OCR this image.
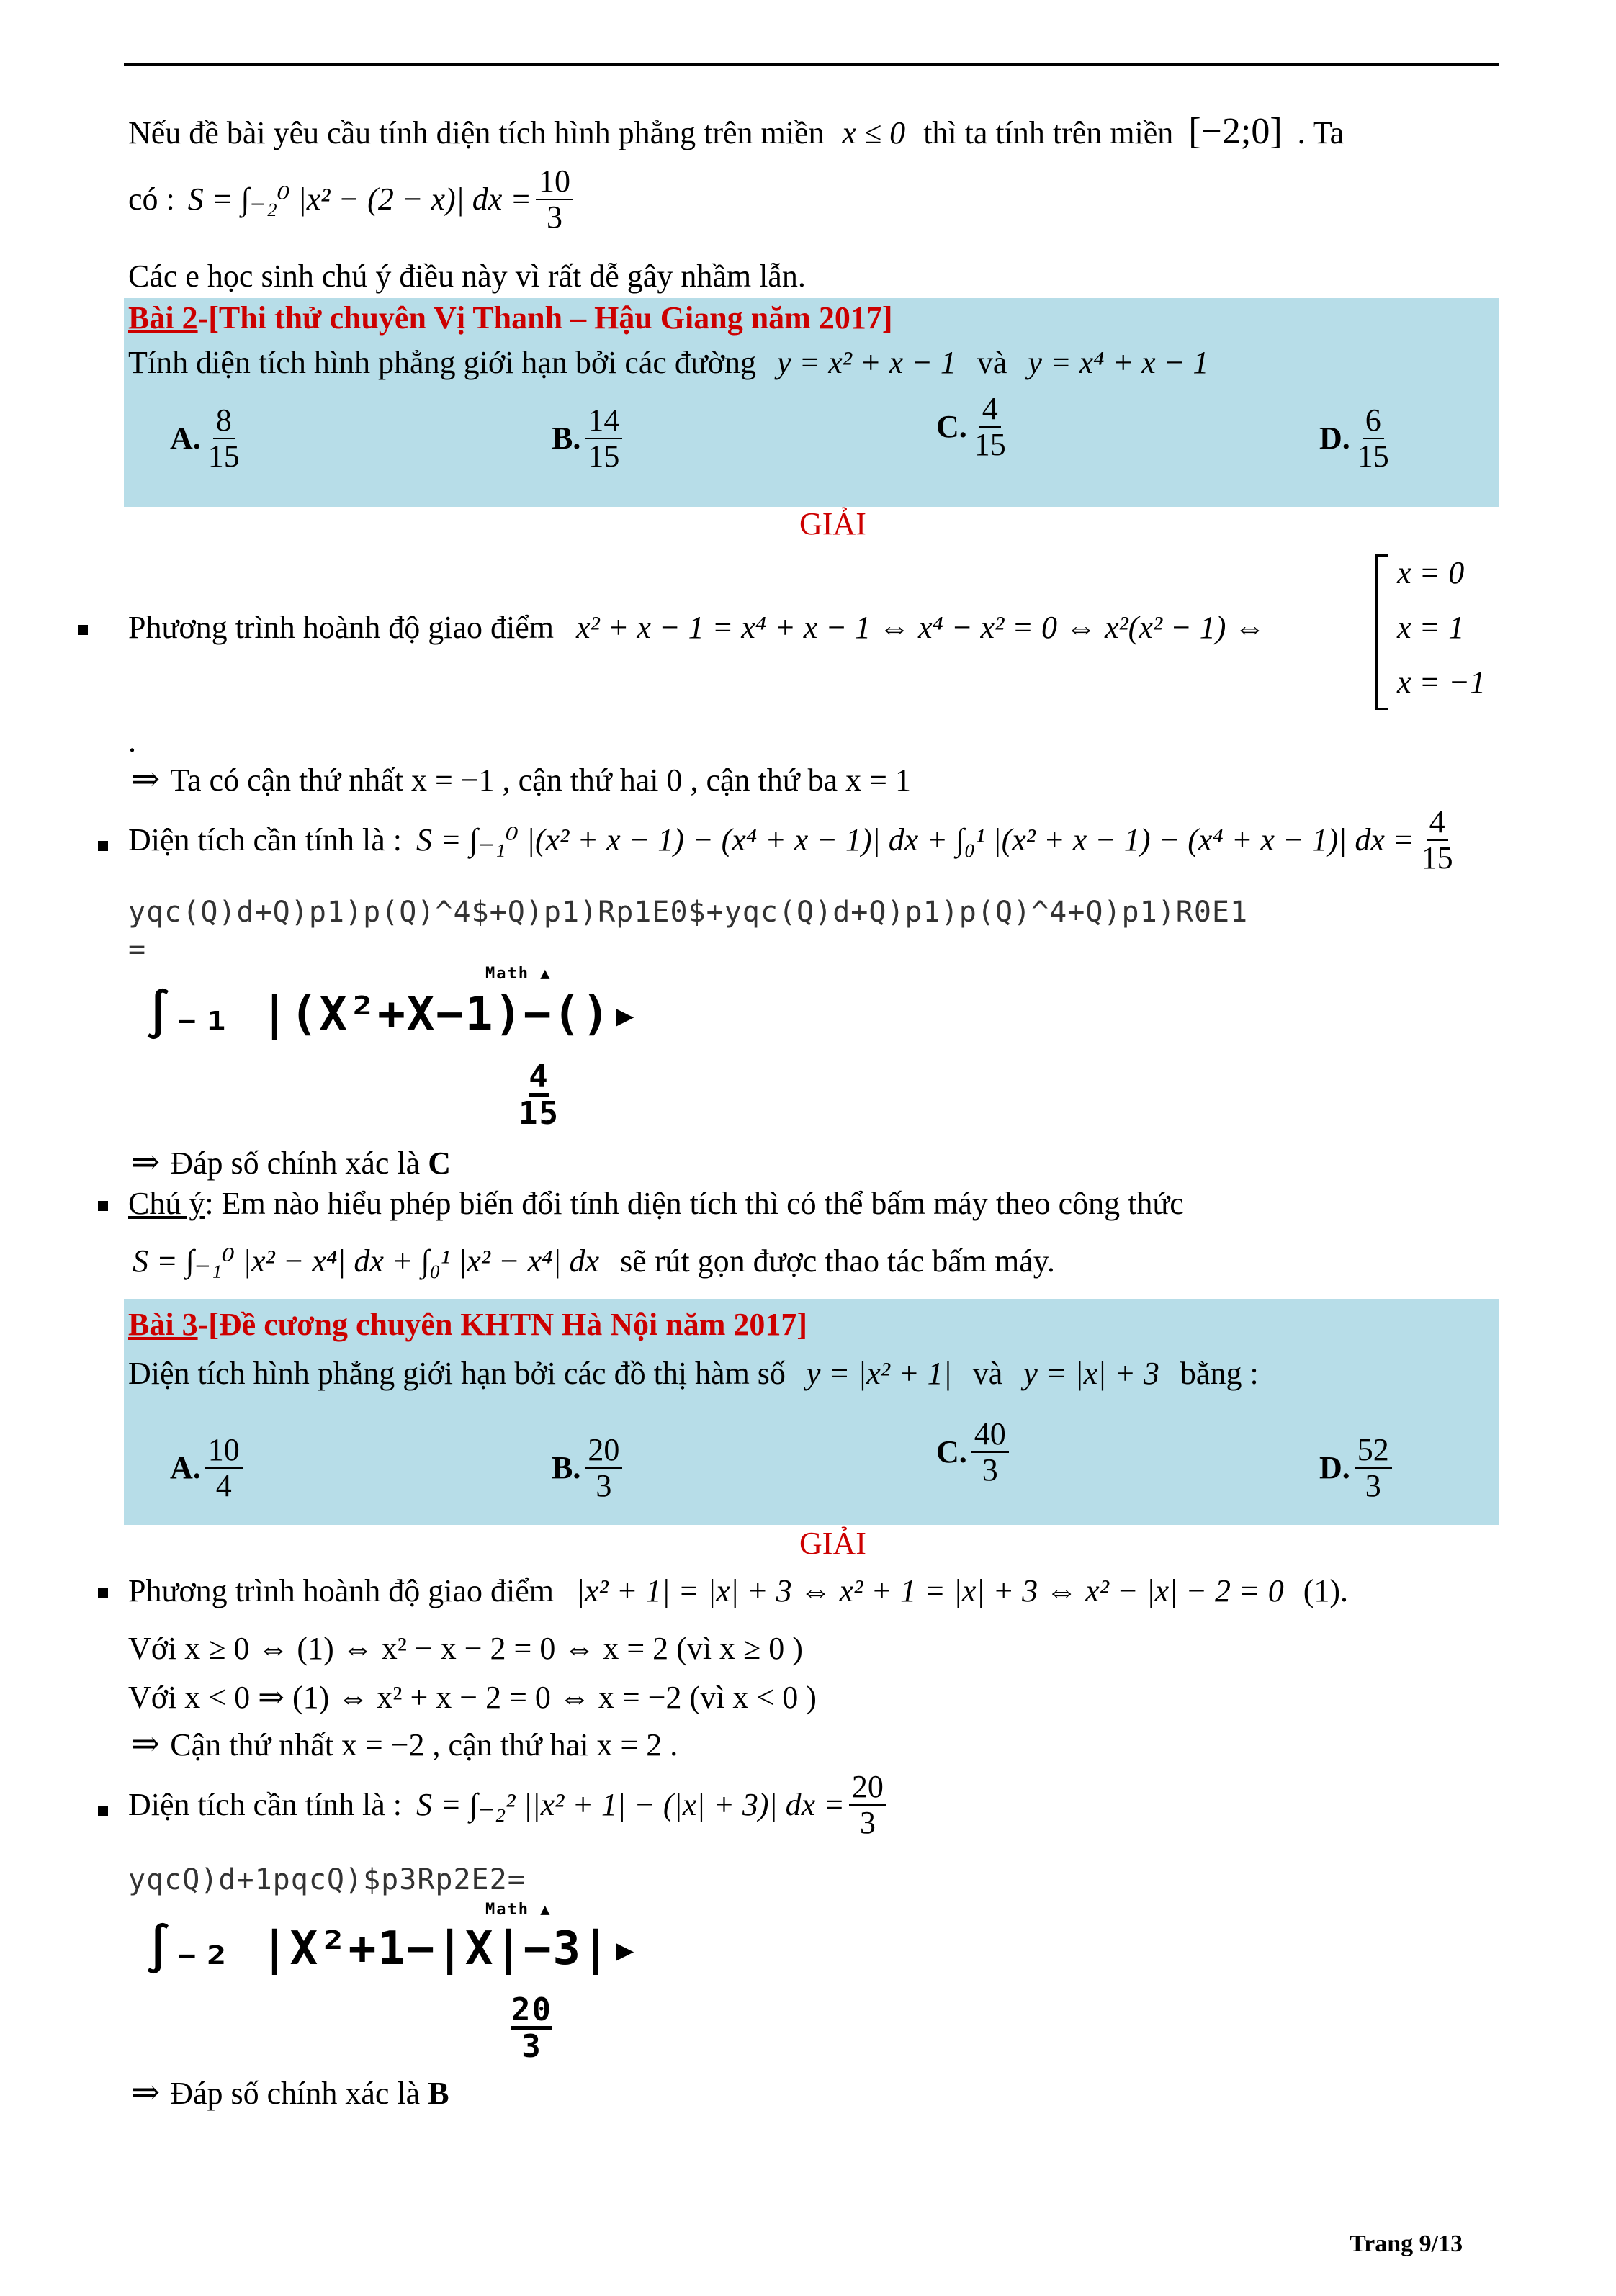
Nếu đề bài yêu cầu tính diện tích hình phẳng trên miền x ≤ 0 thì ta tính trên miền [−2;0] . Ta
có : S = ∫₋₂⁰ |x² − (2 − x)| dx = $\frac{10}{3}$
Các e học sinh chú ý điều này vì rất dễ gây nhầm lẫn.
Bài 2-[Thi thử chuyên Vị Thanh – Hậu Giang năm 2017]
Tính diện tích hình phẳng giới hạn bởi các đường y = x² + x − 1 và y = x⁴ + x − 1
A. $\frac{8}{15}$	B. $\frac{14}{15}$	C. $\frac{4}{15}$	D. $\frac{6}{15}$
GIẢI
Phương trình hoành độ giao điểm x² + x − 1 = x⁴ + x − 1 ⇔ x⁴ − x² = 0 ⇔ x²(x² − 1) ⇔
x = 0
x = 1
x = −1
.
⇒ Ta có cận thứ nhất x = −1 , cận thứ hai 0 , cận thứ ba x = 1
Diện tích cần tính là : S = ∫₋₁⁰ |(x² + x − 1) − (x⁴ + x − 1)| dx + ∫₀¹ |(x² + x − 1) − (x⁴ + x − 1)| dx = $\frac{4}{15}$
yqc(Q)d+Q)p1)p(Q)^4$+Q)p1)Rp1E0$+yqc(Q)d+Q)p1)p(Q)^4+Q)p1)R0E1
=
Math ▲
∫₋₁ |(X²+X−1)−()▸
4
15
⇒ Đáp số chính xác là C
Chú ý: Em nào hiểu phép biến đổi tính diện tích thì có thể bấm máy theo công thức
S = ∫₋₁⁰ |x² − x⁴| dx + ∫₀¹ |x² − x⁴| dx sẽ rút gọn được thao tác bấm máy.
Bài 3-[Đề cương chuyên KHTN Hà Nội năm 2017]
Diện tích hình phẳng giới hạn bởi các đồ thị hàm số y = |x² + 1| và y = |x| + 3 bằng :
A. $\frac{10}{4}$	B. $\frac{20}{3}$	C. $\frac{40}{3}$	D. $\frac{52}{3}$
GIẢI
Phương trình hoành độ giao điểm |x² + 1| = |x| + 3 ⇔ x² + 1 = |x| + 3 ⇔ x² − |x| − 2 = 0 (1).
Với x ≥ 0 ⇔ (1) ⇔ x² − x − 2 = 0 ⇔ x = 2 (vì x ≥ 0 )
Với x < 0 ⇒ (1) ⇔ x² + x − 2 = 0 ⇔ x = −2 (vì x < 0 )
⇒ Cận thứ nhất x = −2 , cận thứ hai x = 2 .
Diện tích cần tính là : S = ∫₋₂² ||x² + 1| − (|x| + 3)| dx = $\frac{20}{3}$
yqcQ)d+1pqcQ)$p3Rp2E2=
Math ▲
∫₋₂ |X²+1−|X|−3|▸
20
3
⇒ Đáp số chính xác là B
Trang 9/13
